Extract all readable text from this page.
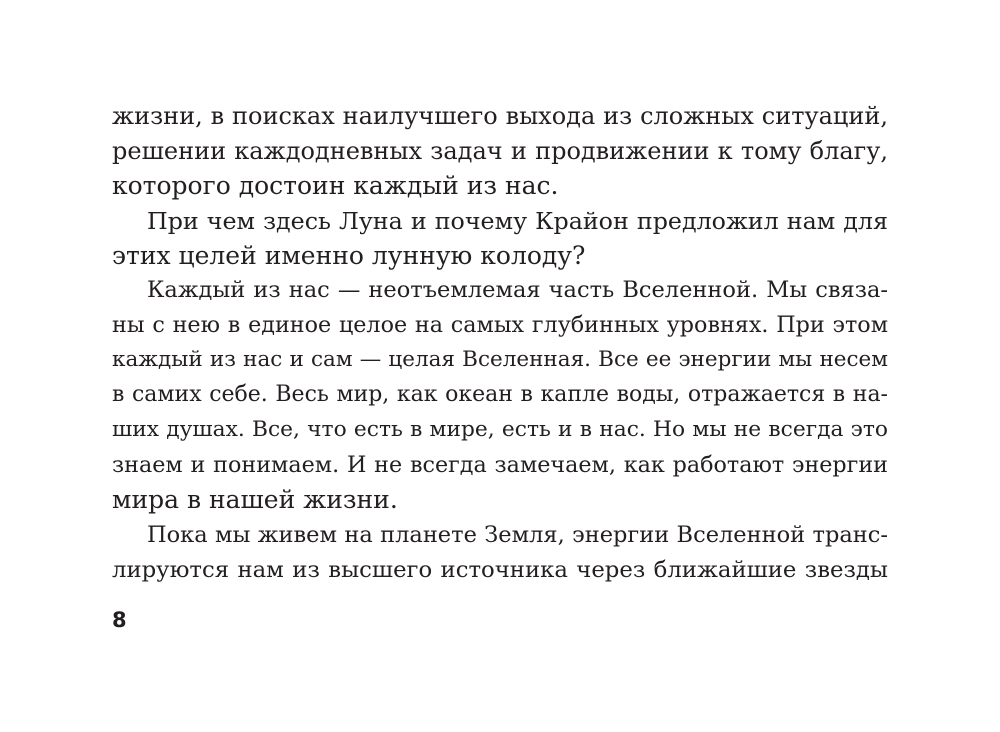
жизни, в поисках наилучшего выхода из сложных ситуаций,
решении каждодневных задач и продвижении к тому благу,
которого достоин каждый из нас.
При чем здесь Луна и почему Крайон предложил нам для
этих целей именно лунную колоду?
Каждый из нас — неотъемлемая часть Вселенной. Мы связа-
ны с нею в единое целое на самых глубинных уровнях. При этом
каждый из нас и сам — целая Вселенная. Все ее энергии мы несем
в самих себе. Весь мир, как океан в капле воды, отражается в на-
ших душах. Все, что есть в мире, есть и в нас. Но мы не всегда это
знаем и понимаем. И не всегда замечаем, как работают энергии
мира в нашей жизни.
Пока мы живем на планете Земля, энергии Вселенной транс-
лируются нам из высшего источника через ближайшие звезды
8
